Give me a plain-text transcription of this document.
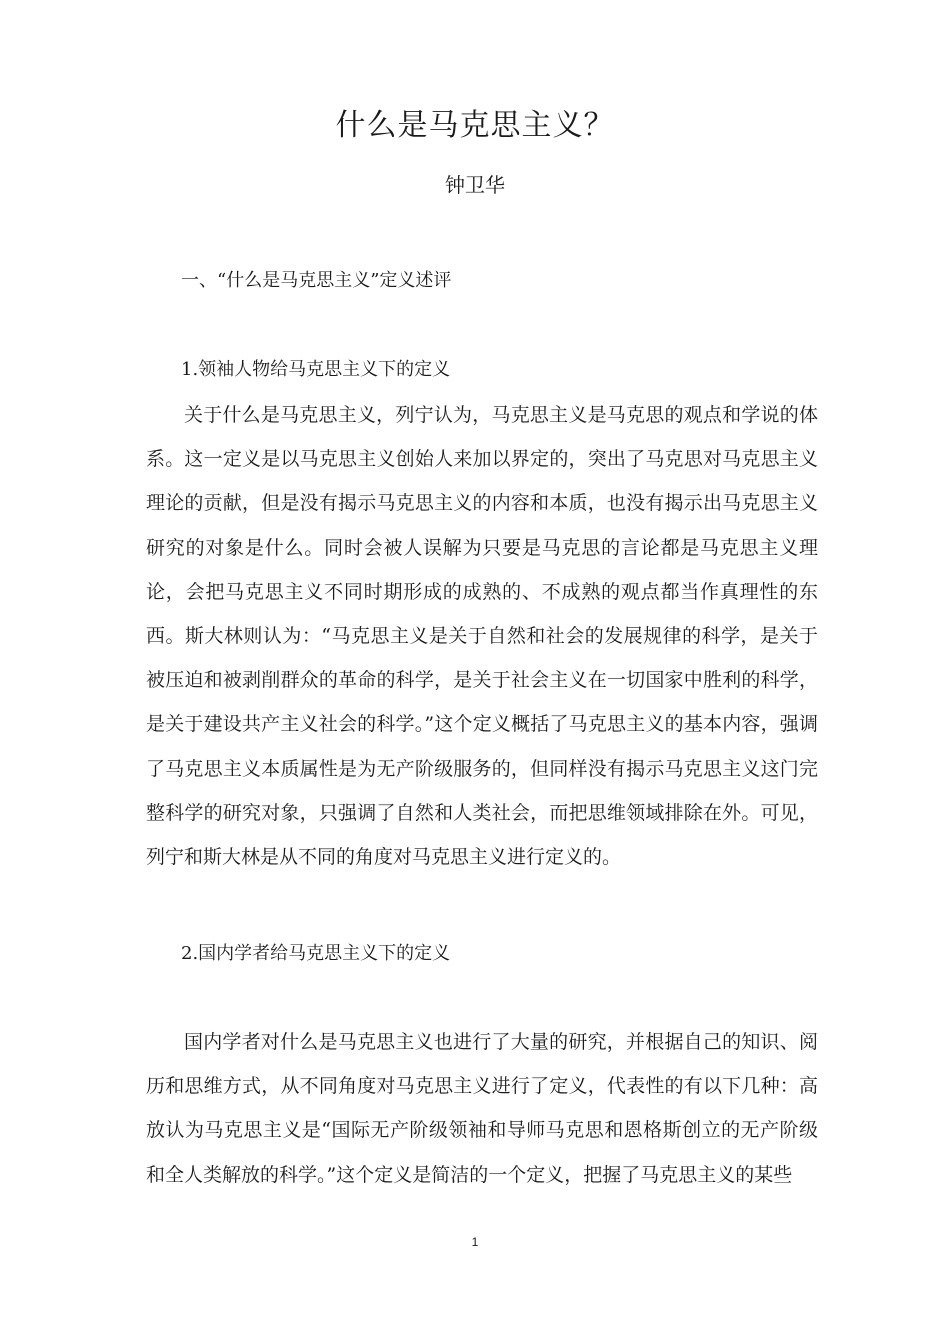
什么是马克思主义？
钟卫华
一、“什么是马克思主义”定义述评
1.领袖人物给马克思主义下的定义
关于什么是马克思主义，列宁认为，马克思主义是马克思的观点和学说的体系。这一定义是以马克思主义创始人来加以界定的，突出了马克思对马克思主义理论的贡献，但是没有揭示马克思主义的内容和本质，也没有揭示出马克思主义研究的对象是什么。同时会被人误解为只要是马克思的言论都是马克思主义理论，会把马克思主义不同时期形成的成熟的、不成熟的观点都当作真理性的东西。斯大林则认为：“马克思主义是关于自然和社会的发展规律的科学，是关于被压迫和被剥削群众的革命的科学，是关于社会主义在一切国家中胜利的科学，是关于建设共产主义社会的科学。”这个定义概括了马克思主义的基本内容，强调了马克思主义本质属性是为无产阶级服务的，但同样没有揭示马克思主义这门完整科学的研究对象，只强调了自然和人类社会，而把思维领域排除在外。可见，列宁和斯大林是从不同的角度对马克思主义进行定义的。
2.国内学者给马克思主义下的定义
国内学者对什么是马克思主义也进行了大量的研究，并根据自己的知识、阅历和思维方式，从不同角度对马克思主义进行了定义，代表性的有以下几种：高放认为马克思主义是“国际无产阶级领袖和导师马克思和恩格斯创立的无产阶级和全人类解放的科学。”这个定义是简洁的一个定义，把握了马克思主义的某些
1
